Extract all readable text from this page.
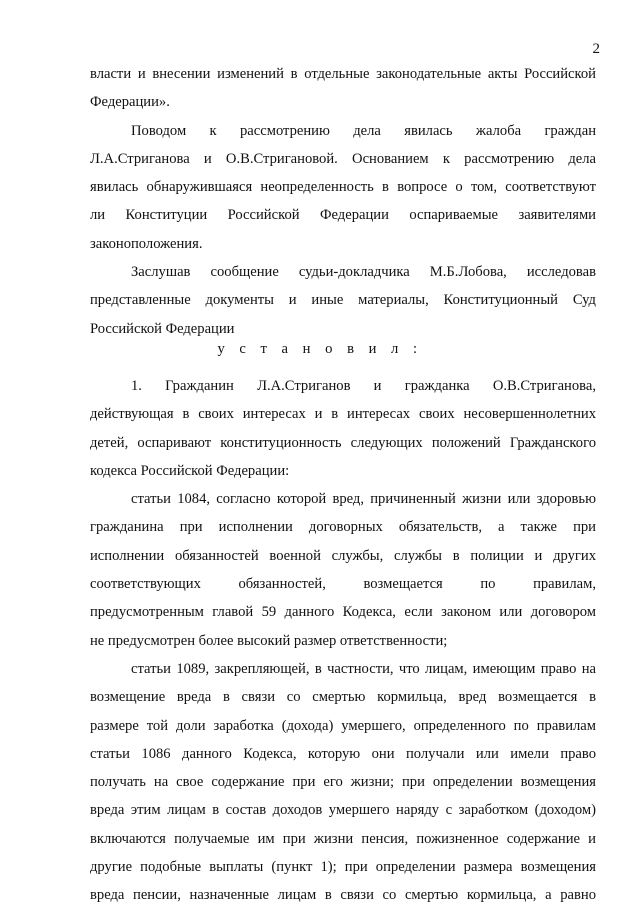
2
власти и внесении изменений в отдельные законодательные акты Российской
Федерации».
Поводом к рассмотрению дела явилась жалоба граждан
Л.А.Стриганова и О.В.Стригановой. Основанием к рассмотрению дела
явилась обнаружившаяся неопределенность в вопросе о том, соответствуют
ли Конституции Российской Федерации оспариваемые заявителями
законоположения.
Заслушав сообщение судьи-докладчика М.Б.Лобова, исследовав
представленные документы и иные материалы, Конституционный Суд
Российской Федерации
у с т а н о в и л :
1. Гражданин Л.А.Стриганов и гражданка О.В.Стриганова,
действующая в своих интересах и в интересах своих несовершеннолетних
детей, оспаривают конституционность следующих положений Гражданского
кодекса Российской Федерации:
статьи 1084, согласно которой вред, причиненный жизни или здоровью
гражданина при исполнении договорных обязательств, а также при
исполнении обязанностей военной службы, службы в полиции и других
соответствующих обязанностей, возмещается по правилам,
предусмотренным главой 59 данного Кодекса, если законом или договором
не предусмотрен более высокий размер ответственности;
статьи 1089, закрепляющей, в частности, что лицам, имеющим право на
возмещение вреда в связи со смертью кормильца, вред возмещается в
размере той доли заработка (дохода) умершего, определенного по правилам
статьи 1086 данного Кодекса, которую они получали или имели право
получать на свое содержание при его жизни; при определении возмещения
вреда этим лицам в состав доходов умершего наряду с заработком (доходом)
включаются получаемые им при жизни пенсия, пожизненное содержание и
другие подобные выплаты (пункт 1); при определении размера возмещения
вреда пенсии, назначенные лицам в связи со смертью кормильца, а равно
